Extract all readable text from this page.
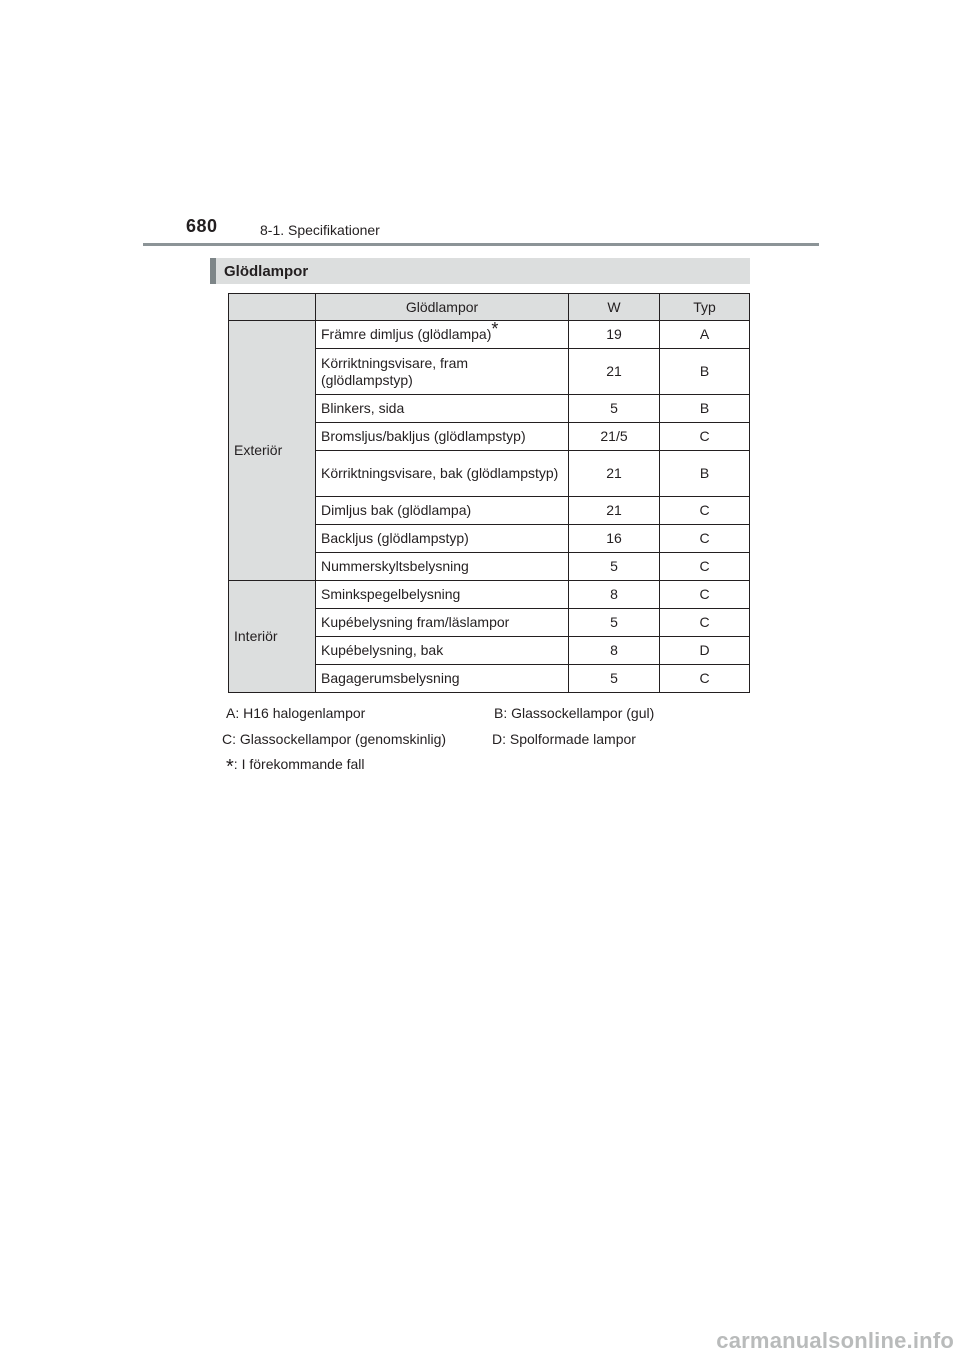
680	8-1. Specifikationer
Glödlampor
	Glödlampor	W	Typ
Exteriör	Främre dimljus (glödlampa)*	19	A
	Körriktningsvisare, fram (glödlampstyp)	21	B
	Blinkers, sida	5	B
	Bromsljus/bakljus (glödlampstyp)	21/5	C
	Körriktningsvisare, bak (glödlampstyp)	21	B
	Dimljus bak (glödlampa)	21	C
	Backljus (glödlampstyp)	16	C
	Nummerskyltsbelysning	5	C
Interiör	Sminkspegelbelysning	8	C
	Kupébelysning fram/läslampor	5	C
	Kupébelysning, bak	8	D
	Bagagerumsbelysning	5	C
A: H16 halogenlampor	B: Glassockellampor (gul)
C: Glassockellampor (genomskinlig)	D: Spolformade lampor
*: I förekommande fall
carmanualsonline.info
